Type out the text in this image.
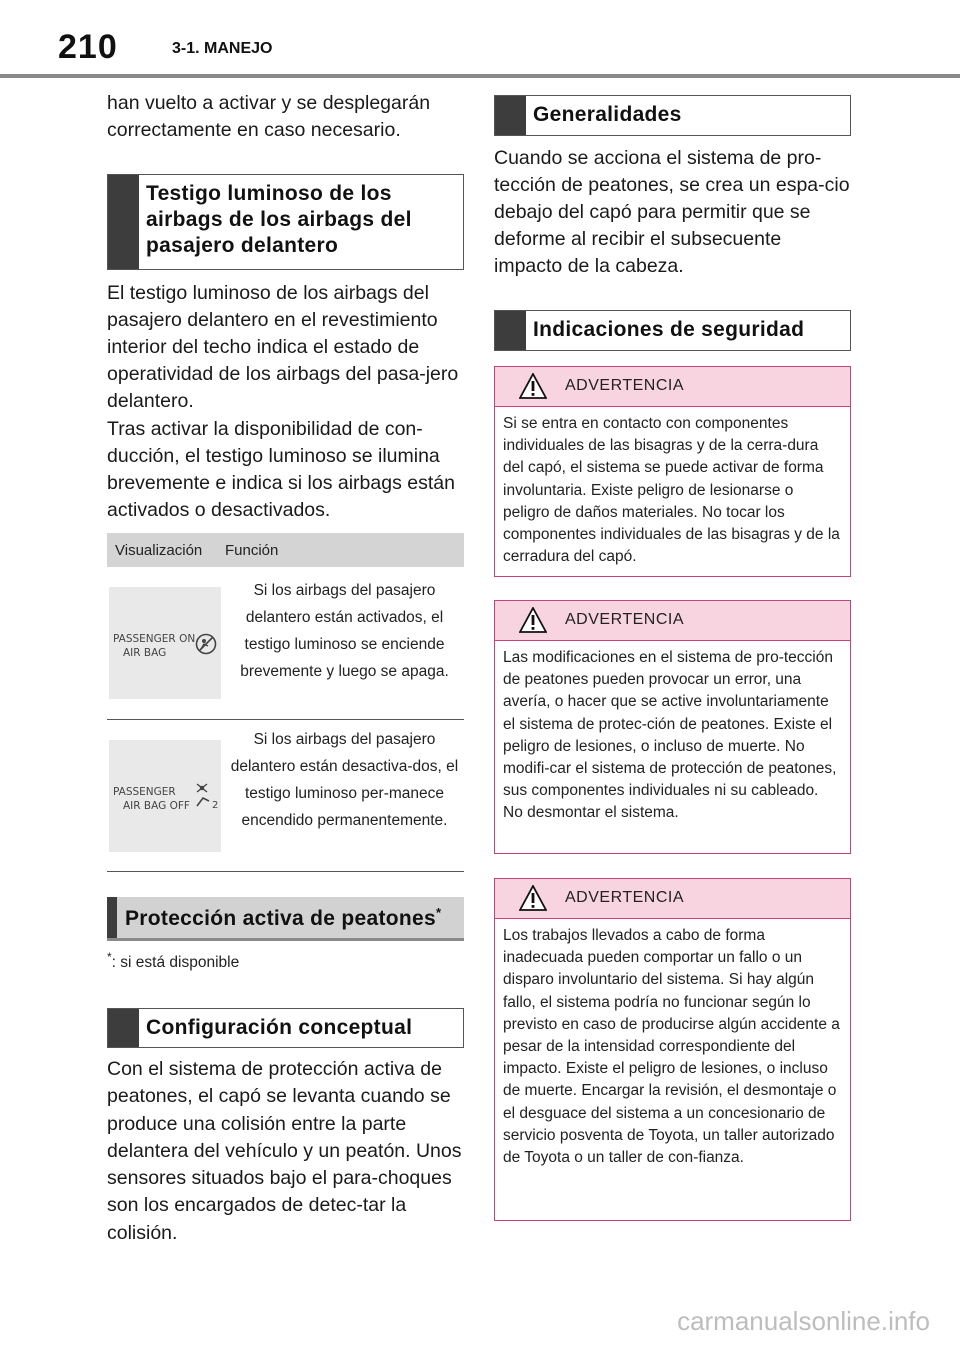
210	3-1. MANEJO
han vuelto a activar y se desplegarán correctamente en caso necesario.
Testigo luminoso de los airbags de los airbags del pasajero delantero
El testigo luminoso de los airbags del pasajero delantero en el revestimiento interior del techo indica el estado de operatividad de los airbags del pasa-jero delantero.
Tras activar la disponibilidad de con-ducción, el testigo luminoso se ilumina brevemente e indica si los airbags están activados o desactivados.
Visualización	Función
PASSENGER ON
AIR BAG
Si los airbags del pasajero delantero están activados, el testigo luminoso se enciende brevemente y luego se apaga.
PASSENGER
AIR BAG OFF 2
Si los airbags del pasajero delantero están desactiva-dos, el testigo luminoso per-manece encendido permanentemente.
Protección activa de peatones*
*: si está disponible
Configuración conceptual
Con el sistema de protección activa de peatones, el capó se levanta cuando se produce una colisión entre la parte delantera del vehículo y un peatón. Unos sensores situados bajo el para-choques son los encargados de detec-tar la colisión.
Generalidades
Cuando se acciona el sistema de pro-tección de peatones, se crea un espa-cio debajo del capó para permitir que se deforme al recibir el subsecuente impacto de la cabeza.
Indicaciones de seguridad
ADVERTENCIA
Si se entra en contacto con componentes individuales de las bisagras y de la cerra-dura del capó, el sistema se puede activar de forma involuntaria. Existe peligro de lesionarse o peligro de daños materiales. No tocar los componentes individuales de las bisagras y de la cerradura del capó.
ADVERTENCIA
Las modificaciones en el sistema de pro-tección de peatones pueden provocar un error, una avería, o hacer que se active involuntariamente el sistema de protec-ción de peatones. Existe el peligro de lesiones, o incluso de muerte. No modifi-car el sistema de protección de peatones, sus componentes individuales ni su cableado. No desmontar el sistema.
ADVERTENCIA
Los trabajos llevados a cabo de forma inadecuada pueden comportar un fallo o un disparo involuntario del sistema. Si hay algún fallo, el sistema podría no funcionar según lo previsto en caso de producirse algún accidente a pesar de la intensidad correspondiente del impacto. Existe el peligro de lesiones, o incluso de muerte. Encargar la revisión, el desmontaje o el desguace del sistema a un concesionario de servicio posventa de Toyota, un taller autorizado de Toyota o un taller de con-fianza.
carmanualsonline.info
